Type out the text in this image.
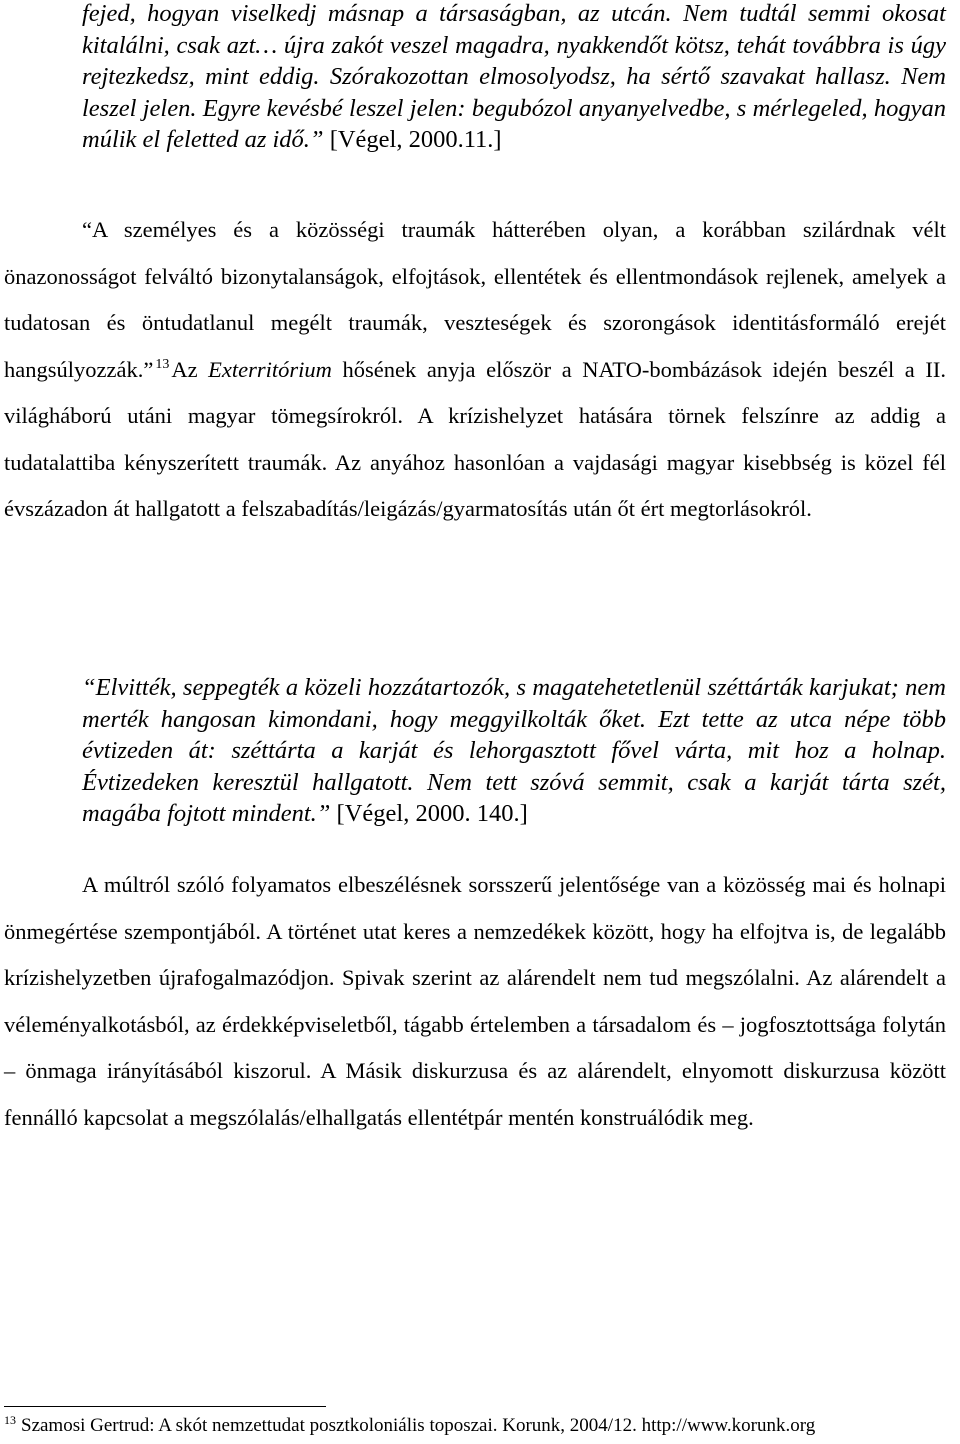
fejed, hogyan viselkedj másnap a társaságban, az utcán. Nem tudtál semmi okosat kitalálni, csak azt… újra zakót veszel magadra, nyakkendőt kötsz, tehát továbbra is úgy rejtezkedsz, mint eddig. Szórakozottan elmosolyodsz, ha sértő szavakat hallasz. Nem leszel jelen. Egyre kevésbé leszel jelen: begubózol anyanyelvedbe, s mérlegeled, hogyan múlik el feletted az idő.” [Végel, 2000.11.]

“A személyes és a közösségi traumák hátterében olyan, a korábban szilárdnak vélt önazonosságot felváltó bizonytalanságok, elfojtások, ellentétek és ellentmondások rejlenek, amelyek a tudatosan és öntudatlanul megélt traumák, veszteségek és szorongások identitásformáló erejét hangsúlyozzák.” $^{13}$Az Exterritórium hősének anyja először a NATO-bombázások idején beszél a II. világháború utáni magyar tömegsírokról. A krízishelyzet hatására törnek felszínre az addig a tudatalattiba kényszerített traumák. Az anyához hasonlóan a vajdasági magyar kisebbség is közel fél évszázadon át hallgatott a felszabadítás/leigázás/gyarmatosítás után őt ért megtorlásokról.

“Elvitték, seppegték a közeli hozzátartozók, s magatehetetlenül széttárták karjukat; nem merték hangosan kimondani, hogy meggyilkolták őket. Ezt tette az utca népe több évtizeden át: széttárta a karját és lehorgasztott fővel várta, mit hoz a holnap. Évtizedeken keresztül hallgatott. Nem tett szóvá semmit, csak a karját tárta szét, magába fojtott mindent.” [Végel, 2000. 140.]

A múltról szóló folyamatos elbeszélésnek sorsszerű jelentősége van a közösség mai és holnapi önmegértése szempontjából. A történet utat keres a nemzedékek között, hogy ha elfojtva is, de legalább krízishelyzetben újrafogalmazódjon. Spivak szerint az alárendelt nem tud megszólalni. Az alárendelt a véleményalkotásból, az érdekképviseletből, tágabb értelemben a társadalom és – jogfosztottsága folytán – önmaga irányításából kiszorul. A Másik diskurzusa és az alárendelt, elnyomott diskurzusa között fennálló kapcsolat a megszólalás/elhallgatás ellentétpár mentén konstruálódik meg.

$^{13}$ Szamosi Gertrud: A skót nemzettudat posztkoloniális toposzai. Korunk, 2004/12. http://www.korunk.org
